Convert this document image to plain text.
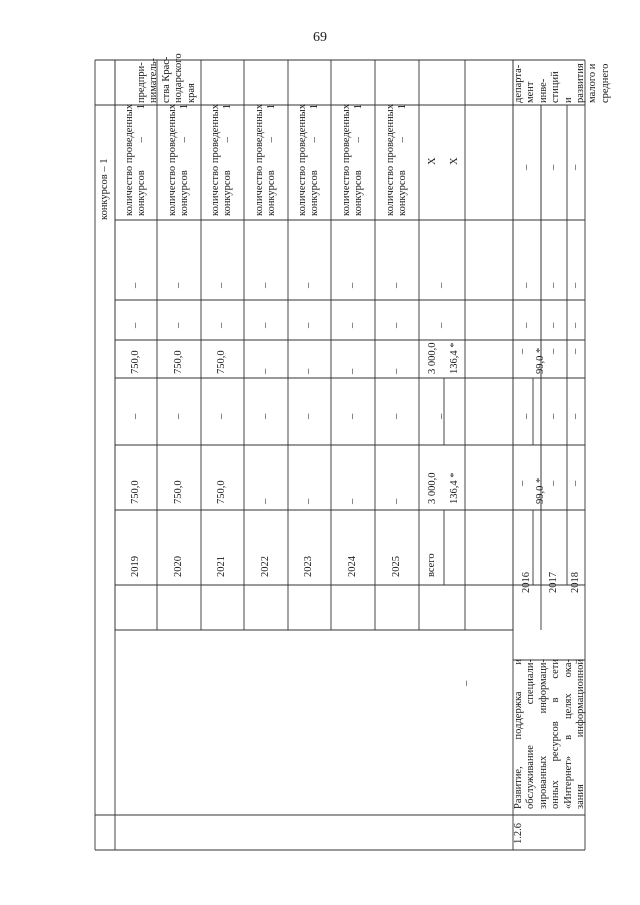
69
конкурсов – 1
2019
750,0
–
750,0
–
–
количество проведенных конкурсов – 1
2020
750,0
–
750,0
–
–
количество проведенных конкурсов – 1
2021
750,0
–
750,0
–
–
количество проведенных конкурсов – 1
2022
–
–
–
–
–
количество проведенных конкурсов – 1
2023
–
–
–
–
–
количество проведенных конкурсов – 1
2024
–
–
–
–
–
количество проведенных конкурсов – 1
2025
–
–
–
–
–
количество проведенных конкурсов – 1
предпри-
ниматель-
ства Крас-
нодарского
края
всего
3 000,0 136,4 *
–
3 000,0 136,4 *
–
–
X X
2016
– 99,0 *
– 99,0 *
–
–
–
–
2017
–
–
–
–
–
–
2018
–
–
–
–
–
–
1.2.6
–
Развитие, поддержка и
обслуживание специали-
зированных информаци-
онных ресурсов в сети
«Интернет» в целях ока-
зания информационной
департа-
мент инве-
стиций и
развития
малого и
среднего
